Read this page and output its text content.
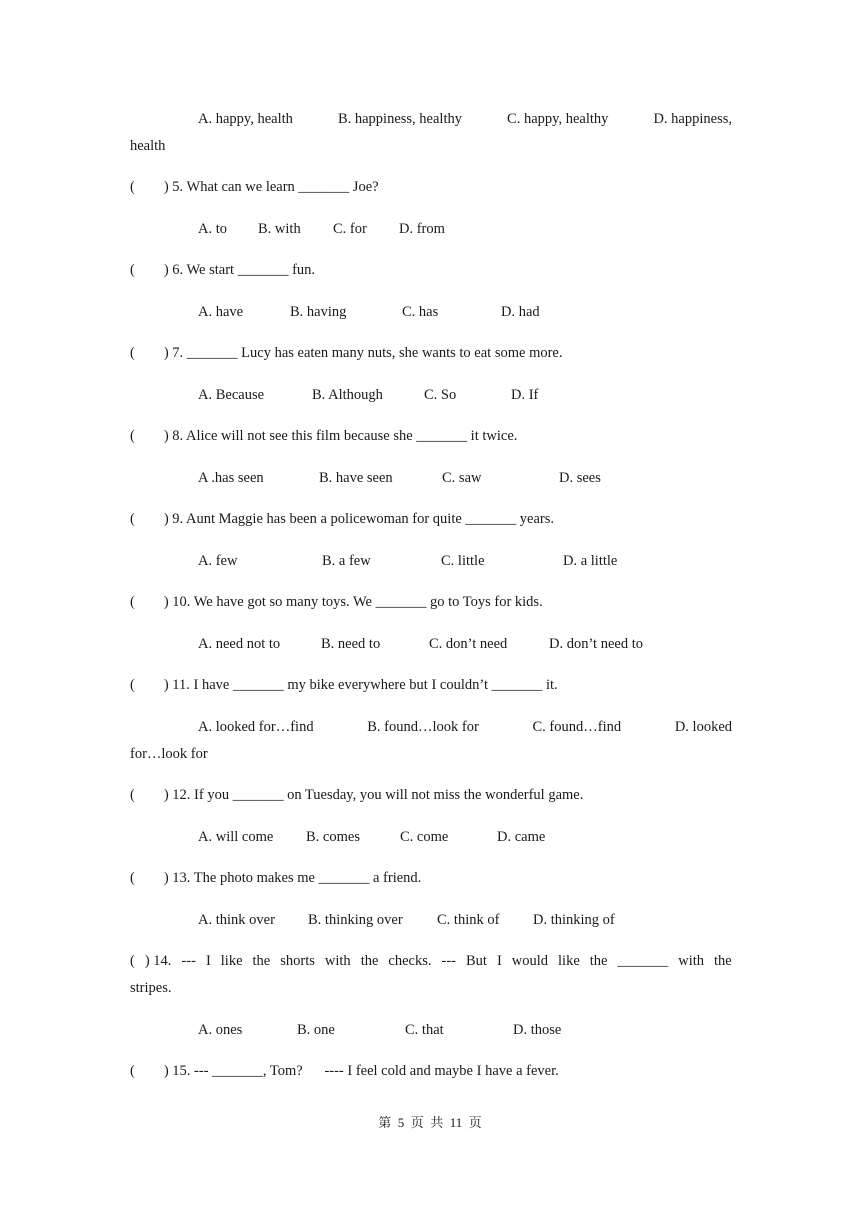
A. happy, health	B. happiness, healthy	C. happy, healthy	D. happiness,
health
(        ) 5. What can we learn _______ Joe?
A. to B. with C. for D. from
(        ) 6. We start _______ fun.
A. have	B. having	C. has	D. had
(        ) 7. _______ Lucy has eaten many nuts, she wants to eat some more.
A. Because	B. Although	C. So	D. If
(        ) 8. Alice will not see this film because she _______ it twice.
A .has seen	B. have seen	C. saw	D. sees
(        ) 9. Aunt Maggie has been a policewoman for quite _______ years.
A. few	B. a few	C. little	D. a little
(        ) 10. We have got so many toys. We _______ go to Toys for kids.
A. need not to	B. need to	C. don’t need	D. don’t need to
(        ) 11. I have _______ my bike everywhere but I couldn’t _______ it.
A. looked for…find	B. found…look for	C. found…find	D. looked
for…look for
(        ) 12. If you _______ on Tuesday, you will not miss the wonderful game.
A. will come B. comes	C. come	D. came
(        ) 13. The photo makes me _______ a friend.
A. think over B. thinking over C. think of D. thinking of
( ) 14. --- I like the shorts with the checks. --- But I would like the _______ with the
stripes.
A. ones	B. one	C. that	D. those
(        ) 15. --- _______, Tom?      ---- I feel cold and maybe I have a fever.
第  5  页  共  11  页
